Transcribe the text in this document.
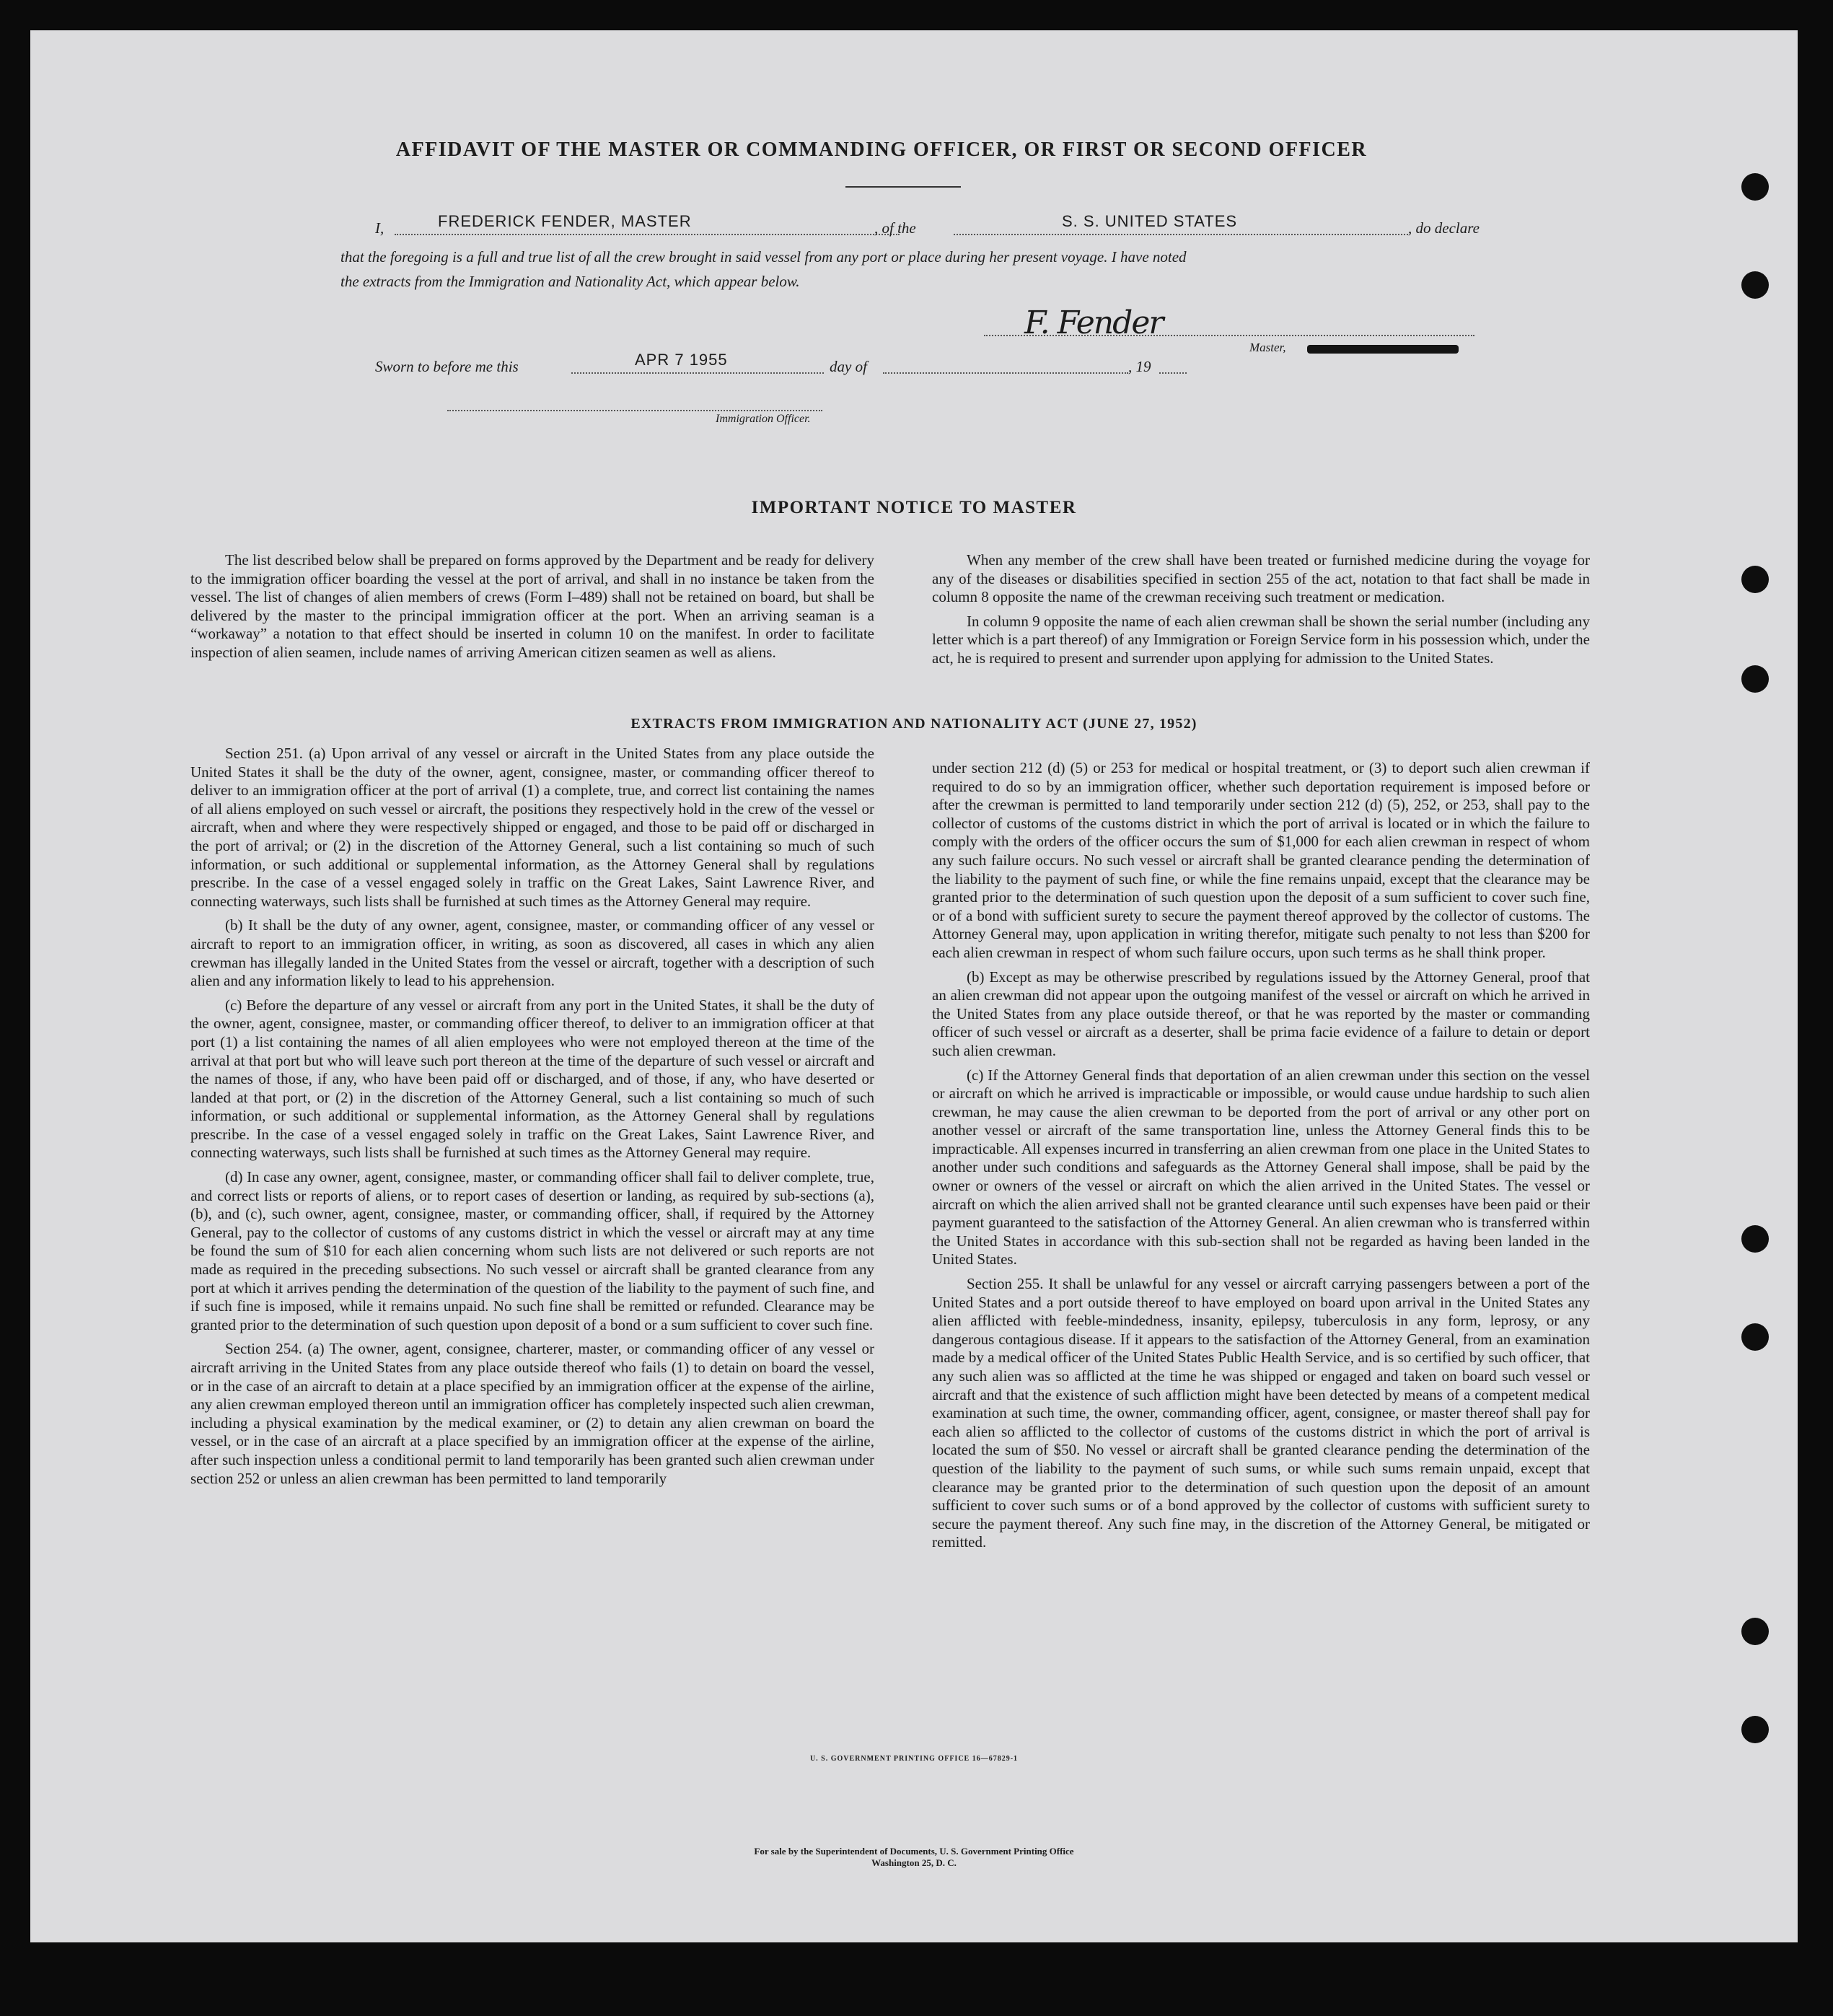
AFFIDAVIT OF THE MASTER OR COMMANDING OFFICER, OR FIRST OR SECOND OFFICER
I,	FREDERICK FENDER, MASTER	, of the	S. S. UNITED STATES	, do declare
that the foregoing is a full and true list of all the crew brought in said vessel from any port or place during her present voyage. I have noted
the extracts from the Immigration and Nationality Act, which appear below.
F. Fender
Master,
Sworn to before me this	APR 7 1955	day of	, 19
Immigration Officer.
IMPORTANT NOTICE TO MASTER

The list described below shall be prepared on forms approved by the Department and be ready for delivery to the immigration officer boarding the vessel at the port of arrival, and shall in no instance be taken from the vessel. The list of changes of alien members of crews (Form I–489) shall not be retained on board, but shall be delivered by the master to the principal immigration officer at the port. When an arriving seaman is a “workaway” a notation to that effect should be inserted in column 10 on the manifest. In order to facilitate inspection of alien seamen, include names of arriving American citizen seamen as well as aliens.

When any member of the crew shall have been treated or furnished medicine during the voyage for any of the diseases or disabilities specified in section 255 of the act, notation to that fact shall be made in column 8 opposite the name of the crewman receiving such treatment or medication.

In column 9 opposite the name of each alien crewman shall be shown the serial number (including any letter which is a part thereof) of any Immigration or Foreign Service form in his possession which, under the act, he is required to present and surrender upon applying for admission to the United States.

EXTRACTS FROM IMMIGRATION AND NATIONALITY ACT (JUNE 27, 1952)

Section 251. (a) Upon arrival of any vessel or aircraft in the United States from any place outside the United States it shall be the duty of the owner, agent, consignee, master, or commanding officer thereof to deliver to an immigration officer at the port of arrival (1) a complete, true, and correct list containing the names of all aliens employed on such vessel or aircraft, the positions they respectively hold in the crew of the vessel or aircraft, when and where they were respectively shipped or engaged, and those to be paid off or discharged in the port of arrival; or (2) in the discretion of the Attorney General, such a list containing so much of such information, or such additional or supplemental information, as the Attorney General shall by regulations prescribe. In the case of a vessel engaged solely in traffic on the Great Lakes, Saint Lawrence River, and connecting waterways, such lists shall be furnished at such times as the Attorney General may require.

(b) It shall be the duty of any owner, agent, consignee, master, or commanding officer of any vessel or aircraft to report to an immigration officer, in writing, as soon as discovered, all cases in which any alien crewman has illegally landed in the United States from the vessel or aircraft, together with a description of such alien and any information likely to lead to his apprehension.

(c) Before the departure of any vessel or aircraft from any port in the United States, it shall be the duty of the owner, agent, consignee, master, or commanding officer thereof, to deliver to an immigration officer at that port (1) a list containing the names of all alien employees who were not employed thereon at the time of the arrival at that port but who will leave such port thereon at the time of the departure of such vessel or aircraft and the names of those, if any, who have been paid off or discharged, and of those, if any, who have deserted or landed at that port, or (2) in the discretion of the Attorney General, such a list containing so much of such information, or such additional or supplemental information, as the Attorney General shall by regulations prescribe. In the case of a vessel engaged solely in traffic on the Great Lakes, Saint Lawrence River, and connecting waterways, such lists shall be furnished at such times as the Attorney General may require.

(d) In case any owner, agent, consignee, master, or commanding officer shall fail to deliver complete, true, and correct lists or reports of aliens, or to report cases of desertion or landing, as required by sub-sections (a), (b), and (c), such owner, agent, consignee, master, or commanding officer, shall, if required by the Attorney General, pay to the collector of customs of any customs district in which the vessel or aircraft may at any time be found the sum of $10 for each alien concerning whom such lists are not delivered or such reports are not made as required in the preceding subsections. No such vessel or aircraft shall be granted clearance from any port at which it arrives pending the determination of the question of the liability to the payment of such fine, and if such fine is imposed, while it remains unpaid. No such fine shall be remitted or refunded. Clearance may be granted prior to the determination of such question upon deposit of a bond or a sum sufficient to cover such fine.

Section 254. (a) The owner, agent, consignee, charterer, master, or commanding officer of any vessel or aircraft arriving in the United States from any place outside thereof who fails (1) to detain on board the vessel, or in the case of an aircraft to detain at a place specified by an immigration officer at the expense of the airline, any alien crewman employed thereon until an immigration officer has completely inspected such alien crewman, including a physical examination by the medical examiner, or (2) to detain any alien crewman on board the vessel, or in the case of an aircraft at a place specified by an immigration officer at the expense of the airline, after such inspection unless a conditional permit to land temporarily has been granted such alien crewman under section 252 or unless an alien crewman has been permitted to land temporarily

under section 212 (d) (5) or 253 for medical or hospital treatment, or (3) to deport such alien crewman if required to do so by an immigration officer, whether such deportation requirement is imposed before or after the crewman is permitted to land temporarily under section 212 (d) (5), 252, or 253, shall pay to the collector of customs of the customs district in which the port of arrival is located or in which the failure to comply with the orders of the officer occurs the sum of $1,000 for each alien crewman in respect of whom any such failure occurs. No such vessel or aircraft shall be granted clearance pending the determination of the liability to the payment of such fine, or while the fine remains unpaid, except that the clearance may be granted prior to the determination of such question upon the deposit of a sum sufficient to cover such fine, or of a bond with sufficient surety to secure the payment thereof approved by the collector of customs. The Attorney General may, upon application in writing therefor, mitigate such penalty to not less than $200 for each alien crewman in respect of whom such failure occurs, upon such terms as he shall think proper.

(b) Except as may be otherwise prescribed by regulations issued by the Attorney General, proof that an alien crewman did not appear upon the outgoing manifest of the vessel or aircraft on which he arrived in the United States from any place outside thereof, or that he was reported by the master or commanding officer of such vessel or aircraft as a deserter, shall be prima facie evidence of a failure to detain or deport such alien crewman.

(c) If the Attorney General finds that deportation of an alien crewman under this section on the vessel or aircraft on which he arrived is impracticable or impossible, or would cause undue hardship to such alien crewman, he may cause the alien crewman to be deported from the port of arrival or any other port on another vessel or aircraft of the same transportation line, unless the Attorney General finds this to be impracticable. All expenses incurred in transferring an alien crewman from one place in the United States to another under such conditions and safeguards as the Attorney General shall impose, shall be paid by the owner or owners of the vessel or aircraft on which the alien arrived in the United States. The vessel or aircraft on which the alien arrived shall not be granted clearance until such expenses have been paid or their payment guaranteed to the satisfaction of the Attorney General. An alien crewman who is transferred within the United States in accordance with this sub-section shall not be regarded as having been landed in the United States.

Section 255. It shall be unlawful for any vessel or aircraft carrying passengers between a port of the United States and a port outside thereof to have employed on board upon arrival in the United States any alien afflicted with feeble-mindedness, insanity, epilepsy, tuberculosis in any form, leprosy, or any dangerous contagious disease. If it appears to the satisfaction of the Attorney General, from an examination made by a medical officer of the United States Public Health Service, and is so certified by such officer, that any such alien was so afflicted at the time he was shipped or engaged and taken on board such vessel or aircraft and that the existence of such affliction might have been detected by means of a competent medical examination at such time, the owner, commanding officer, agent, consignee, or master thereof shall pay for each alien so afflicted to the collector of customs of the customs district in which the port of arrival is located the sum of $50. No vessel or aircraft shall be granted clearance pending the determination of the question of the liability to the payment of such sums, or while such sums remain unpaid, except that clearance may be granted prior to the determination of such question upon the deposit of an amount sufficient to cover such sums or of a bond approved by the collector of customs with sufficient surety to secure the payment thereof. Any such fine may, in the discretion of the Attorney General, be mitigated or remitted.

U. S. GOVERNMENT PRINTING OFFICE 16—67829-1
For sale by the Superintendent of Documents, U. S. Government Printing Office
Washington 25, D. C.
